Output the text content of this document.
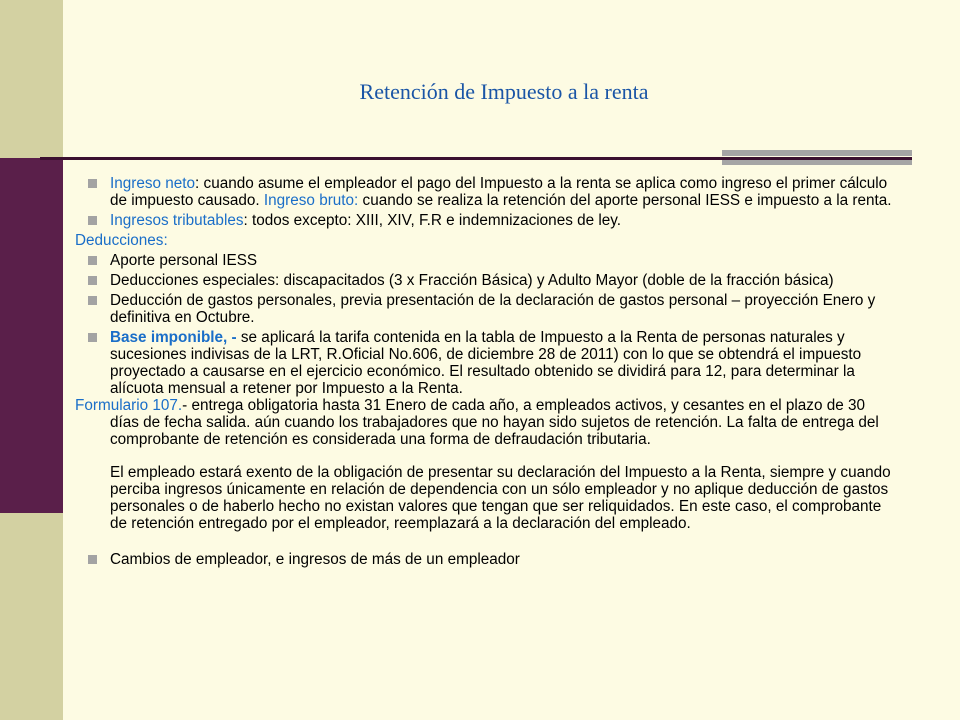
Retención de Impuesto a la renta
Ingreso neto: cuando asume el empleador el pago del Impuesto a la renta se aplica como ingreso el primer cálculo de impuesto causado. Ingreso bruto: cuando se realiza la retención del aporte personal IESS e impuesto a la renta.
Ingresos tributables: todos excepto: XIII, XIV, F.R e indemnizaciones de ley.
Deducciones:
Aporte personal IESS
Deducciones especiales: discapacitados (3 x Fracción Básica) y Adulto Mayor (doble de la fracción básica)
Deducción de gastos personales, previa presentación de la declaración de gastos personal – proyección Enero y definitiva en Octubre.
Base imponible, - se aplicará la tarifa contenida en la tabla de Impuesto a la Renta de personas naturales y sucesiones indivisas de la LRT, R.Oficial No.606, de diciembre 28 de 2011) con lo que se obtendrá el impuesto proyectado a causarse en el ejercicio económico. El resultado obtenido se dividirá para 12, para determinar la alícuota mensual a retener por Impuesto a la Renta.
Formulario 107.- entrega obligatoria hasta 31 Enero de cada año, a empleados activos, y cesantes en el plazo de 30 días de fecha salida. aún cuando los trabajadores que no hayan sido sujetos de retención. La falta de entrega del comprobante de retención es considerada una forma de defraudación tributaria.
El empleado estará exento de la obligación de presentar su declaración del Impuesto a la Renta, siempre y cuando perciba ingresos únicamente en relación de dependencia con un sólo empleador y no aplique deducción de gastos personales o de haberlo hecho no existan valores que tengan que ser reliquidados. En este caso, el comprobante de retención entregado por el empleador, reemplazará a la declaración del empleado.
Cambios de empleador, e ingresos de más de un empleador
